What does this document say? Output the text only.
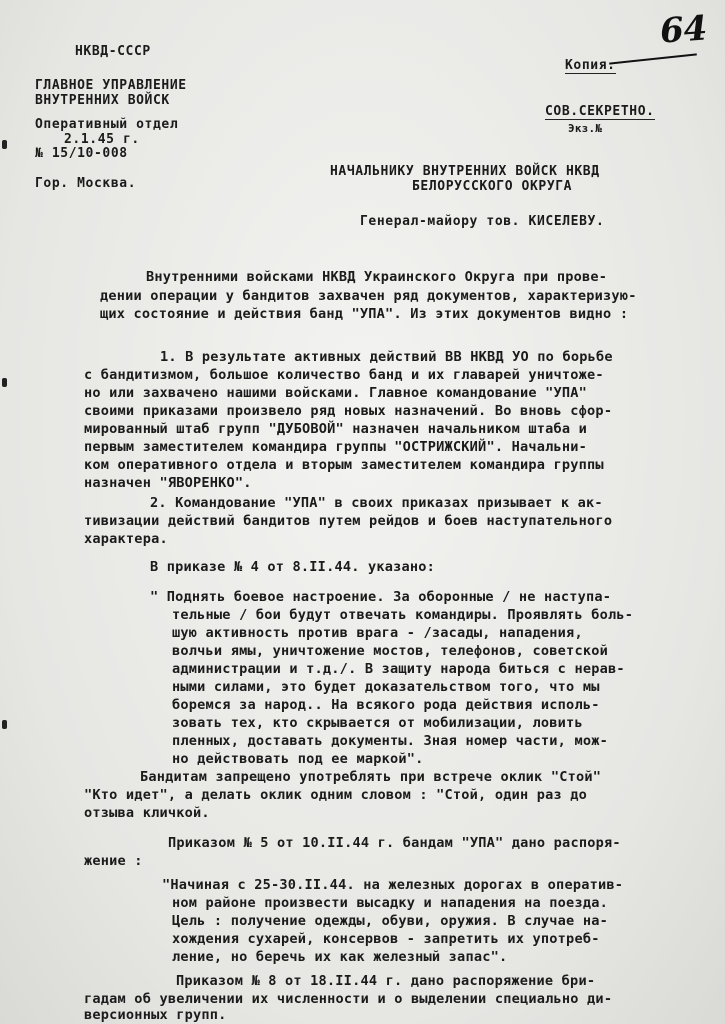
64
НКВД-СССР
ГЛАВНОЕ УПРАВЛЕНИЕ
ВНУТРЕННИХ ВОЙСК
Оперативный отдел
2.1.45 г.
№ 15/10-008
Гор. Москва.
Копия.
СОВ.СЕКРЕТНО.
Экз.№
НАЧАЛЬНИКУ ВНУТРЕННИХ ВОЙСК НКВД
БЕЛОРУССКОГО ОКРУГА
Генерал-майору тов. КИСЕЛЕВУ.
Внутренними войсками НКВД Украинского Округа при прове-
дении операции у бандитов захвачен ряд документов, характеризую-
щих состояние и действия банд "УПА". Из этих документов видно :
1. В результате активных действий ВВ НКВД УО по борьбе
с бандитизмом, большое количество банд и их главарей уничтоже-
но или захвачено нашими войсками. Главное командование "УПА"
своими приказами произвело ряд новых назначений. Во вновь сфор-
мированный штаб групп "ДУБОВОЙ" назначен начальником штаба и
первым заместителем командира группы "ОСТРИЖСКИЙ". Начальни-
ком оперативного отдела и вторым заместителем командира группы
назначен "ЯВОРЕНКО".
2. Командование "УПА" в своих приказах призывает к ак-
тивизации действий бандитов путем рейдов и боев наступательного
характера.
В приказе № 4 от 8.II.44. указано:
" Поднять боевое настроение. За оборонные / не наступа-
тельные / бои будут отвечать командиры. Проявлять боль-
шую активность против врага - /засады, нападения,
волчьи ямы, уничтожение мостов, телефонов, советской
администрации и т.д./. В защиту народа биться с нерав-
ными силами, это будет доказательством того, что мы
боремся за народ.. На всякого рода действия исполь-
зовать тех, кто скрывается от мобилизации, ловить
пленных, доставать документы. Зная номер части, мож-
но действовать под ее маркой".
Бандитам запрещено употреблять при встрече оклик "Стой"
"Кто идет", а делать оклик одним словом : "Стой, один раз до
отзыва кличкой.
Приказом № 5 от 10.II.44 г. бандам "УПА" дано распоря-
жение :
"Начиная с 25-30.II.44. на железных дорогах в оператив-
ном районе произвести высадку и нападения на поезда.
Цель : получение одежды, обуви, оружия. В случае на-
хождения сухарей, консервов - запретить их употреб-
ление, но беречь их как железный запас".
Приказом № 8 от 18.II.44 г. дано распоряжение бри-
гадам об увеличении их численности и о выделении специально ди-
версионных групп.
